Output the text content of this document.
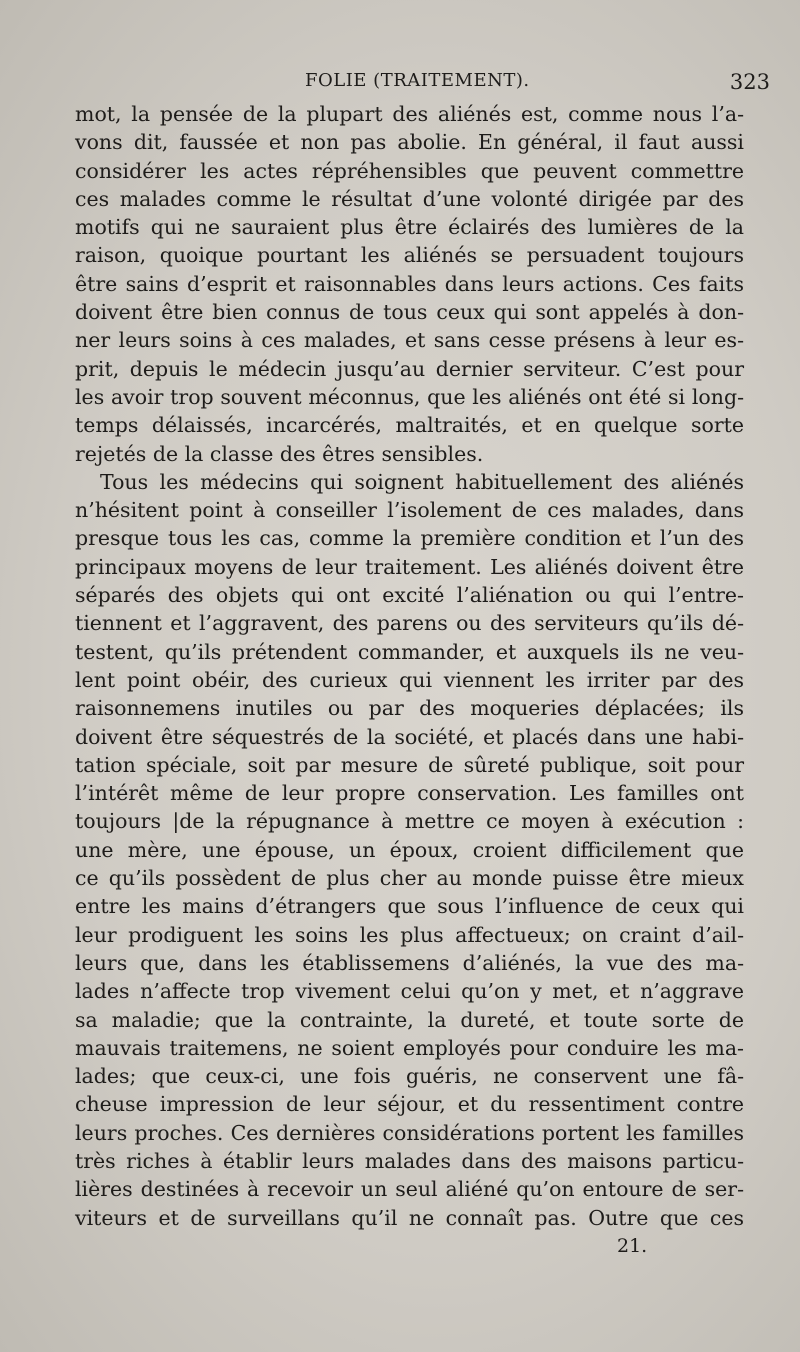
FOLIE (TRAITEMENT).	323
mot, la pensée de la plupart des aliénés est, comme nous l’a-
vons dit, faussée et non pas abolie. En général, il faut aussi
considérer les actes répréhensibles que peuvent commettre
ces malades comme le résultat d’une volonté dirigée par des
motifs qui ne sauraient plus être éclairés des lumières de la
raison, quoique pourtant les aliénés se persuadent toujours
être sains d’esprit et raisonnables dans leurs actions. Ces faits
doivent être bien connus de tous ceux qui sont appelés à don-
ner leurs soins à ces malades, et sans cesse présens à leur es-
prit, depuis le médecin jusqu’au dernier serviteur. C’est pour
les avoir trop souvent méconnus, que les aliénés ont été si long-
temps délaissés, incarcérés, maltraités, et en quelque sorte
rejetés de la classe des êtres sensibles.
Tous les médecins qui soignent habituellement des aliénés
n’hésitent point à conseiller l’isolement de ces malades, dans
presque tous les cas, comme la première condition et l’un des
principaux moyens de leur traitement. Les aliénés doivent être
séparés des objets qui ont excité l’aliénation ou qui l’entre-
tiennent et l’aggravent, des parens ou des serviteurs qu’ils dé-
testent, qu’ils prétendent commander, et auxquels ils ne veu-
lent point obéir, des curieux qui viennent les irriter par des
raisonnemens inutiles ou par des moqueries déplacées; ils
doivent être séquestrés de la société, et placés dans une habi-
tation spéciale, soit par mesure de sûreté publique, soit pour
l’intérêt même de leur propre conservation. Les familles ont
toujours |de la répugnance à mettre ce moyen à exécution :
une mère, une épouse, un époux, croient difficilement que
ce qu’ils possèdent de plus cher au monde puisse être mieux
entre les mains d’étrangers que sous l’influence de ceux qui
leur prodiguent les soins les plus affectueux; on craint d’ail-
leurs que, dans les établissemens d’aliénés, la vue des ma-
lades n’affecte trop vivement celui qu’on y met, et n’aggrave
sa maladie; que la contrainte, la dureté, et toute sorte de
mauvais traitemens, ne soient employés pour conduire les ma-
lades; que ceux-ci, une fois guéris, ne conservent une fâ-
cheuse impression de leur séjour, et du ressentiment contre
leurs proches. Ces dernières considérations portent les familles
très riches à établir leurs malades dans des maisons particu-
lières destinées à recevoir un seul aliéné qu’on entoure de ser-
viteurs et de surveillans qu’il ne connaît pas. Outre que ces
21.
